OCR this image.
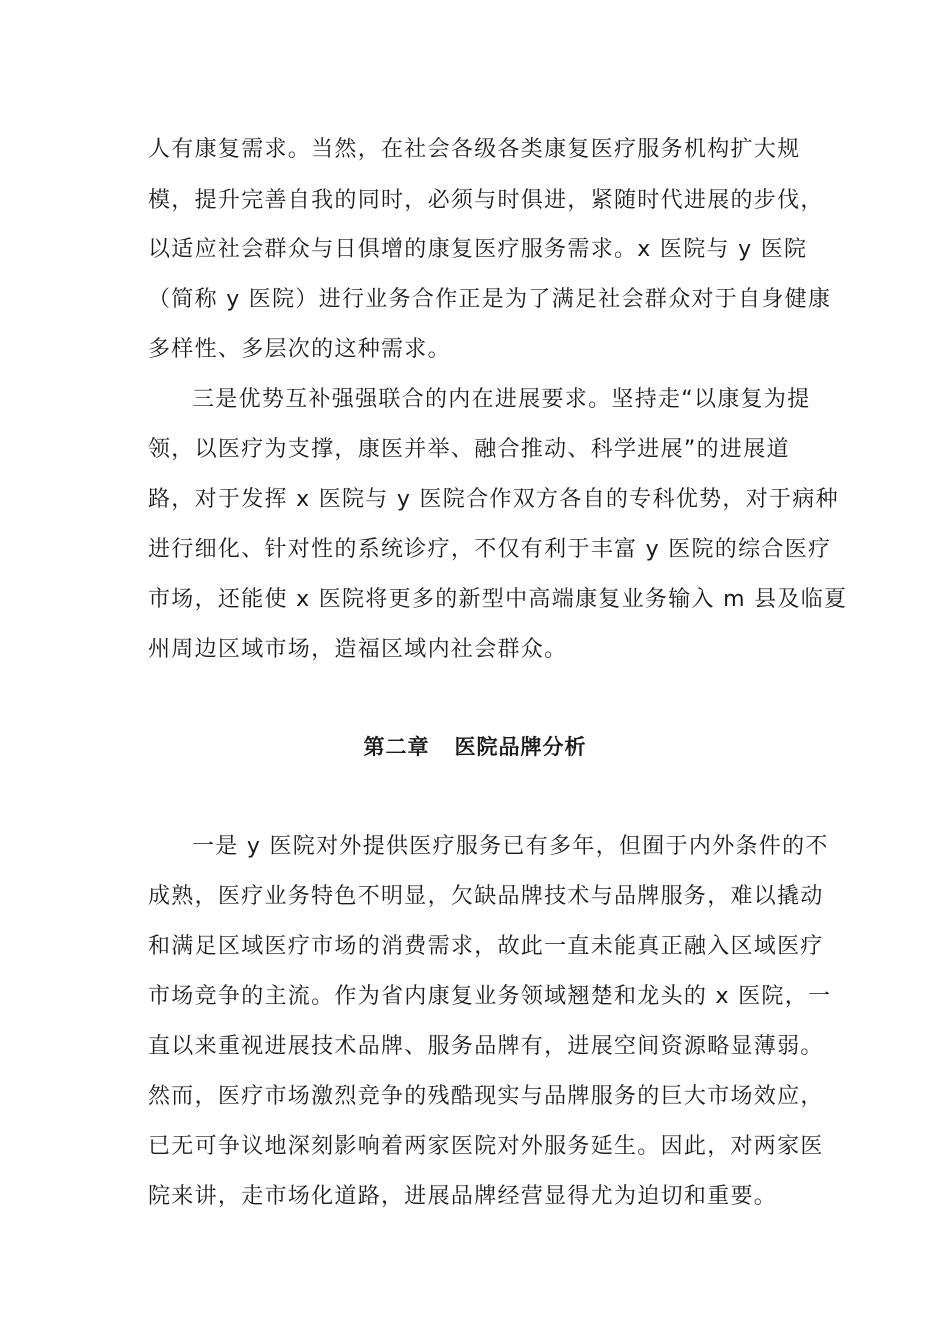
人有康复需求。当然，在社会各级各类康复医疗服务机构扩大规
模，提升完善自我的同时，必须与时俱进，紧随时代进展的步伐，
以适应社会群众与日俱增的康复医疗服务需求。x 医院与 y 医院
（简称 y 医院）进行业务合作正是为了满足社会群众对于自身健康
多样性、多层次的这种需求。
三是优势互补强强联合的内在进展要求。坚持走“以康复为提
领，以医疗为支撑，康医并举、融合推动、科学进展”的进展道
路，对于发挥 x 医院与 y 医院合作双方各自的专科优势，对于病种
进行细化、针对性的系统诊疗，不仅有利于丰富 y 医院的综合医疗
市场，还能使 x 医院将更多的新型中高端康复业务输入 m 县及临夏
州周边区域市场，造福区域内社会群众。
第二章   医院品牌分析
一是 y 医院对外提供医疗服务已有多年，但囿于内外条件的不
成熟，医疗业务特色不明显，欠缺品牌技术与品牌服务，难以撬动
和满足区域医疗市场的消费需求，故此一直未能真正融入区域医疗
市场竞争的主流。作为省内康复业务领域翘楚和龙头的 x 医院，一
直以来重视进展技术品牌、服务品牌有，进展空间资源略显薄弱。
然而，医疗市场激烈竞争的残酷现实与品牌服务的巨大市场效应，
已无可争议地深刻影响着两家医院对外服务延生。因此，对两家医
院来讲，走市场化道路，进展品牌经营显得尤为迫切和重要。
